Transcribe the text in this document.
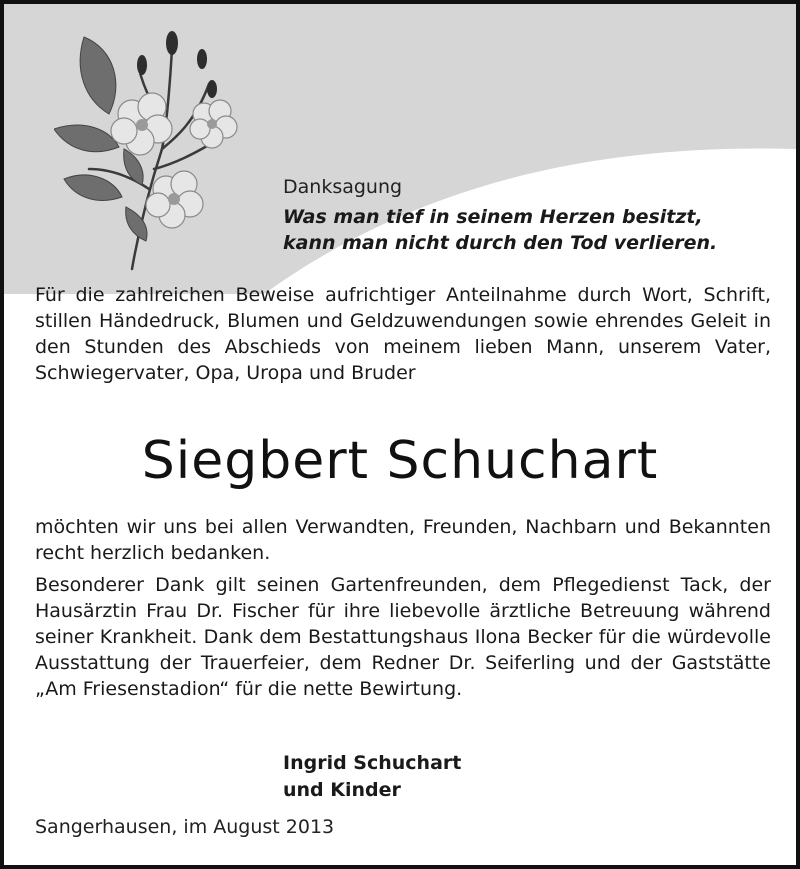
Danksagung

Was man tief in seinem Herzen besitzt,
kann man nicht durch den Tod verlieren.

Für die zahlreichen Beweise aufrichtiger Anteilnahme durch Wort, Schrift, stillen Händedruck, Blumen und Geldzuwendungen sowie ehrendes Geleit in den Stunden des Abschieds von meinem lieben Mann, unserem Vater, Schwiegervater, Opa, Uropa und Bruder

Siegbert Schuchart

möchten wir uns bei allen Verwandten, Freunden, Nachbarn und Bekannten recht herzlich bedanken.

Besonderer Dank gilt seinen Gartenfreunden, dem Pflegedienst Tack, der Hausärztin Frau Dr. Fischer für ihre liebevolle ärztliche Betreuung während seiner Krankheit. Dank dem Bestattungshaus Ilona Becker für die würdevolle Ausstattung der Trauerfeier, dem Redner Dr. Seiferling und der Gaststätte „Am Friesenstadion“ für die nette Bewirtung.

Ingrid Schuchart
und Kinder

Sangerhausen, im August 2013
